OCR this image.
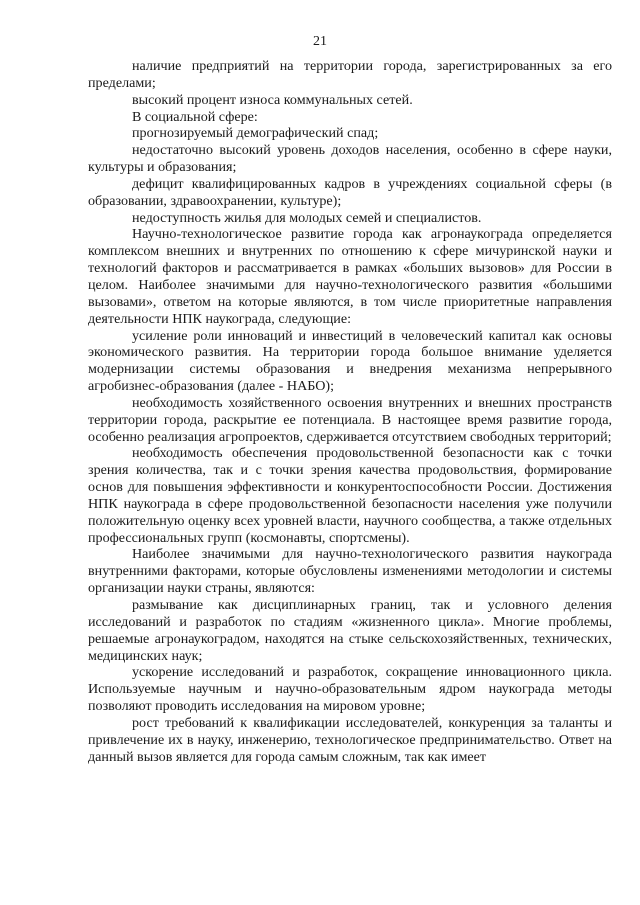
21

наличие предприятий на территории города, зарегистрированных за его пределами;

высокий процент износа коммунальных сетей.

В социальной сфере:

прогнозируемый демографический спад;

недостаточно высокий уровень доходов населения, особенно в сфере науки, культуры и образования;

дефицит квалифицированных кадров в учреждениях социальной сферы (в образовании, здравоохранении, культуре);

недоступность жилья для молодых семей и специалистов.

Научно-технологическое развитие города как агронаукограда определяется комплексом внешних и внутренних по отношению к сфере мичуринской науки и технологий факторов и рассматривается в рамках «больших вызовов» для России в целом. Наиболее значимыми для научно-технологического развития «большими вызовами», ответом на которые являются, в том числе приоритетные направления деятельности НПК наукограда, следующие:

усиление роли инноваций и инвестиций в человеческий капитал как основы экономического развития. На территории города большое внимание уделяется модернизации системы образования и внедрения механизма непрерывного агробизнес-образования (далее - НАБО);

необходимость хозяйственного освоения внутренних и внешних пространств территории города, раскрытие ее потенциала. В настоящее время развитие города, особенно реализация агропроектов, сдерживается отсутствием свободных территорий;

необходимость обеспечения продовольственной безопасности как с точки зрения количества, так и с точки зрения качества продовольствия, формирование основ для повышения эффективности и конкурентоспособности России. Достижения НПК наукограда в сфере продовольственной безопасности населения уже получили положительную оценку всех уровней власти, научного сообщества, а также отдельных профессиональных групп (космонавты, спортсмены).

Наиболее значимыми для научно-технологического развития наукограда внутренними факторами, которые обусловлены изменениями методологии и системы организации науки страны, являются:

размывание как дисциплинарных границ, так и условного деления исследований и разработок по стадиям «жизненного цикла». Многие проблемы, решаемые агронаукоградом, находятся на стыке сельскохозяйственных, технических, медицинских наук;

ускорение исследований и разработок, сокращение инновационного цикла. Используемые научным и научно-образовательным ядром наукограда методы позволяют проводить исследования на мировом уровне;

рост требований к квалификации исследователей, конкуренция за таланты и привлечение их в науку, инженерию, технологическое предпринимательство. Ответ на данный вызов является для города самым сложным, так как имеет
